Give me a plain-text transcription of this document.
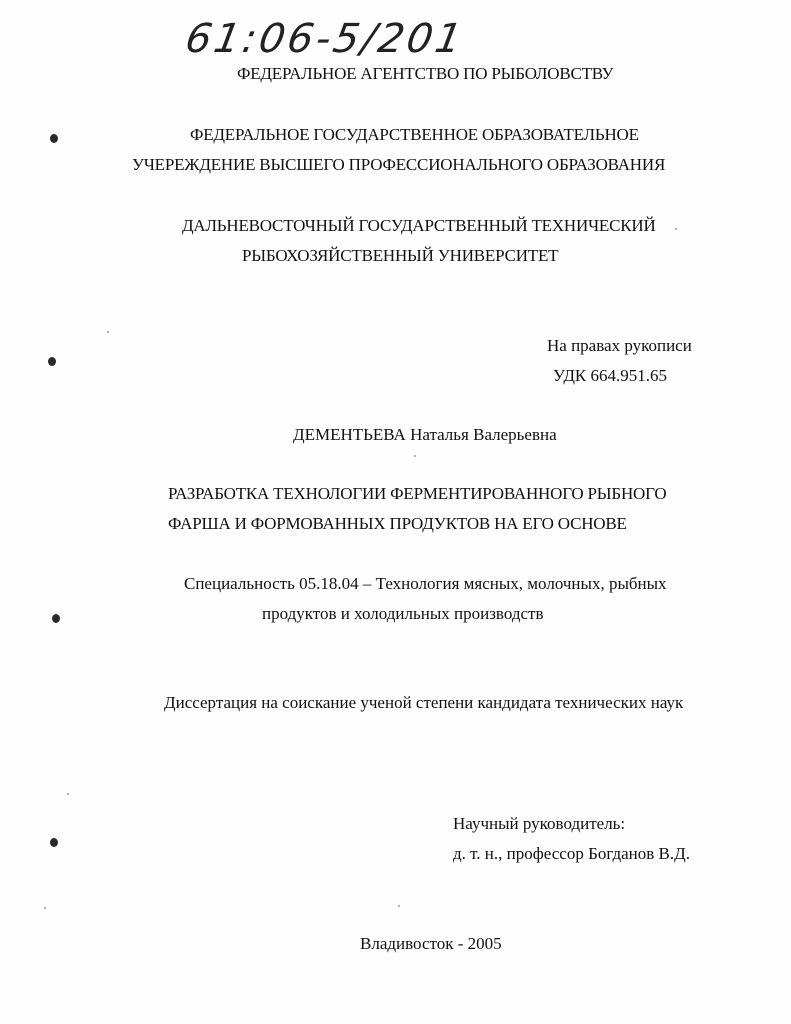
61:06-5/201
ФЕДЕРАЛЬНОЕ АГЕНТСТВО ПО РЫБОЛОВСТВУ
ФЕДЕРАЛЬНОЕ ГОСУДАРСТВЕННОЕ ОБРАЗОВАТЕЛЬНОЕ
УЧЕРЕЖДЕНИЕ ВЫСШЕГО ПРОФЕССИОНАЛЬНОГО ОБРАЗОВАНИЯ
ДАЛЬНЕВОСТОЧНЫЙ ГОСУДАРСТВЕННЫЙ ТЕХНИЧЕСКИЙ
РЫБОХОЗЯЙСТВЕННЫЙ УНИВЕРСИТЕТ
На правах рукописи
УДК 664.951.65
ДЕМЕНТЬЕВА Наталья Валерьевна
РАЗРАБОТКА ТЕХНОЛОГИИ ФЕРМЕНТИРОВАННОГО РЫБНОГО
ФАРША И ФОРМОВАННЫХ ПРОДУКТОВ НА ЕГО ОСНОВЕ
Специальность 05.18.04 – Технология мясных, молочных, рыбных
продуктов и холодильных производств
Диссертация на соискание ученой степени кандидата технических наук
Научный руководитель:
д. т. н., профессор Богданов В.Д.
Владивосток - 2005
